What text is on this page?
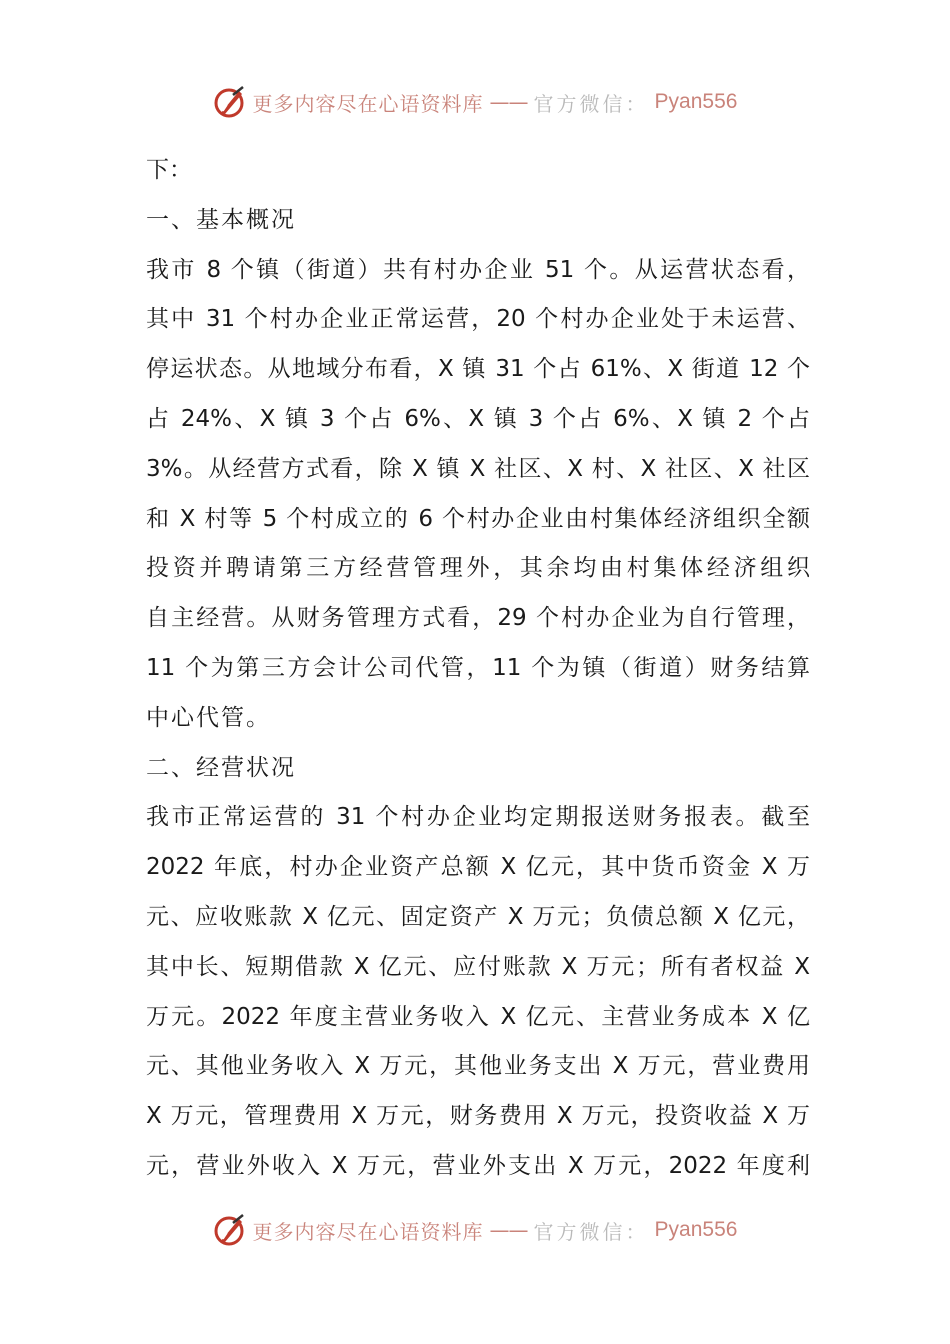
更多内容尽在心语资料库 —— 官方微信： Pyan556
下：
一、基本概况
我市 8 个镇（街道）共有村办企业 51 个。从运营状态看，
其中 31 个村办企业正常运营，20 个村办企业处于未运营、
停运状态。从地域分布看，X 镇 31 个占 61%、X 街道 12 个
占 24%、X 镇 3 个占 6%、X 镇 3 个占 6%、X 镇 2 个占
3%。从经营方式看，除 X 镇 X 社区、X 村、X 社区、X 社区
和 X 村等 5 个村成立的 6 个村办企业由村集体经济组织全额
投资并聘请第三方经营管理外，其余均由村集体经济组织
自主经营。从财务管理方式看，29 个村办企业为自行管理，
11 个为第三方会计公司代管，11 个为镇（街道）财务结算
中心代管。
二、经营状况
我市正常运营的 31 个村办企业均定期报送财务报表。截至
2022 年底，村办企业资产总额 X 亿元，其中货币资金 X 万
元、应收账款 X 亿元、固定资产 X 万元；负债总额 X 亿元，
其中长、短期借款 X 亿元、应付账款 X 万元；所有者权益 X
万元。2022 年度主营业务收入 X 亿元、主营业务成本 X 亿
元、其他业务收入 X 万元，其他业务支出 X 万元，营业费用
X 万元，管理费用 X 万元，财务费用 X 万元，投资收益 X 万
元，营业外收入 X 万元，营业外支出 X 万元，2022 年度利
更多内容尽在心语资料库 —— 官方微信： Pyan556
